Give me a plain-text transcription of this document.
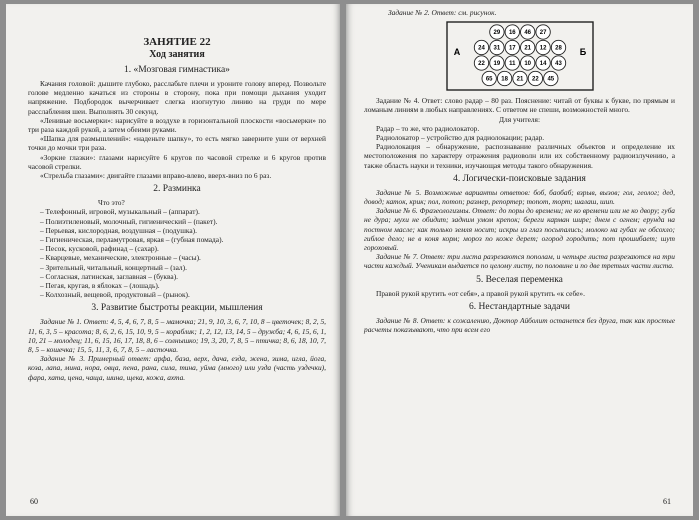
ЗАНЯТИЕ 22
Ход занятия
1. «Мозговая гимнастика»

Качания головой: дышите глубоко, расслабьте плечи и уроните голову вперед. Позвольте голове медленно качаться из стороны в сторону, пока при помощи дыхания уходит напряжение. Подбородок вычерчивает слегка изогнутую линию на груди по мере расслабления шеи. Выполнять 30 секунд.

«Ленивые восьмерки»: нарисуйте в воздухе в горизонтальной плоскости «восьмерки» по три раза каждой рукой, а затем обеими руками.

«Шапка для размышлений»: «наденьте шапку», то есть мягко заверните уши от верхней точки до мочки три раза.

«Зоркие глазки»: глазами нарисуйте 6 кругов по часовой стрелке и 6 кругов против часовой стрелки.

«Стрельба глазами»: двигайте глазами вправо-влево, вверх-вниз по 6 раз.

2. Разминка

Что это?

– Телефонный, игровой, музыкальный – (аппарат).
– Полиэтиленовый, молочный, гигиенический – (пакет).
– Перьевая, кислородная, воздушная – (подушка).
– Гигиеническая, перламутровая, яркая – (губная помада).
– Песок, кусковой, рафинад – (сахар).
– Кварцевые, механические, электронные – (часы).
– Зрительный, читальный, концертный – (зал).
– Согласная, латинская, заглавная – (буква).
– Пегая, кругая, в яблоках – (лошадь).
– Колхозный, вещевой, продуктовый – (рынок).
3. Развитие быстроты реакции, мышления

Задание № 1. Ответ: 4, 5, 4, 6, 7, 8, 5 – мамочка; 21, 9, 10, 3, 6, 7, 10, 8 – цветочек; 8, 2, 5, 11, 6, 3, 5 – красота; 8, 6, 2, 6, 15, 10, 9, 5 – кораблик; 1, 2, 12, 13, 14, 5 – дружба; 4, 6, 15, 6, 1, 10, 21 – молодец; 11, 6, 15, 16, 17, 18, 8, 6 – солнышко; 19, 3, 20, 7, 8, 5 – птичка; 8, 6, 18, 10, 7, 8, 5 – кошечка; 15, 5, 11, 3, 6, 7, 8, 5 – ласточка.

Задание № 3. Примерный ответ: арфа, база, верх, дача, езда, жена, зима, игла, йога, коза, лапа, мина, нора, овца, пена, рана, сила, тина, уйма (много) или узда (часть уздечки), фара, хата, цена, чаща, шина, щека, кожа, ахта.

60

Задание № 2. Ответ: см. рисунок.

29 16 46 27
24 31 17 21 12 28
22 19 11 10 14 43
65 18 21 22 45
А	Б

Задание № 4. Ответ: слово радар – 80 раз. Пояснение: читай от буквы к букве, по прямым и ломаным линиям в любых направлениях. С ответом не спеши, возможностей много.

Для учителя:

Радар – то же, что радиолокатор.

Радиолокатор – устройство для радиолокации; радар.

Радиолокация – обнаружение, распознавание различных объектов и определение их местоположения по характеру отражения радиоволн или их собственному радиоизлучению, а также область науки и техники, изучающая методы такого обнаружения.

4. Логически-поисковые задания

Задание № 5. Возможные варианты ответов: боб, баобаб; взрыв, вызов; гол, геолог; дед, довод; каток, крик; пол, потоп; размер, репортер; топот, торт; шалаш, шип.

Задание № 6. Фразеологизмы. Ответ: до поры до времени; не ко времени или не ко двору; губа не дура; мухи не обидит; задним умом крепок; береги карман шире; днем с огнем; ерунда на постном масле; как только земля носит; искры из глаз посыпались; молоко на губах не обсохло; гиблое дело; не в коня корм; мороз по коже дерет; огород городить; пот прошибает; шут гороховый.

Задание № 7. Ответ: три листа разрезаются пополам, и четыре листа разрезаются на три части каждый. Ученикам выдается по целому листу, по половине и по две третьих части листа.

5. Веселая переменка

Правой рукой крутить «от себя», а правой рукой крутить «к себе».

6. Нестандартные задачи

Задание № 8. Ответ: к сожалению, Доктор Айболит останется без друга, так как простые расчеты показывают, что при всем его

61
